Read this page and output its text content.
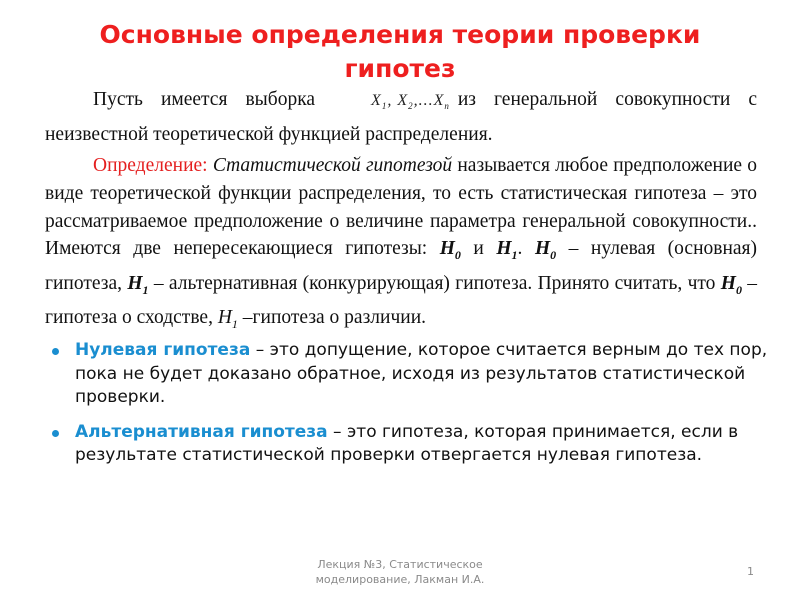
Основные определения теории проверки гипотез

Пусть имеется выборка	$X_1$, $X_2,...X_n$ из генеральной совокупности с неизвестной теоретической функцией распределения.

Определение: Статистической гипотезой называется любое предположение о виде теоретической функции распределения, то есть статистическая гипотеза – это рассматриваемое предположение о величине параметра генеральной совокупности.. Имеются две непересекающиеся гипотезы: $H_0$ и $H_1$. $H_0$ – нулевая (основная) гипотеза, $H_1$ – альтернативная (конкурирующая) гипотеза. Принято считать, что $H_0$ –гипотеза о сходстве, $H_1$ –гипотеза о различии.

Нулевая гипотеза – это допущение, которое считается верным до тех пор, пока не будет доказано обратное, исходя из результатов статистической проверки.
Альтернативная гипотеза – это гипотеза, которая принимается, если в результате статистической проверки отвергается нулевая гипотеза.
Лекция №3, Статистическое
моделирование, Лакман И.А.
1
